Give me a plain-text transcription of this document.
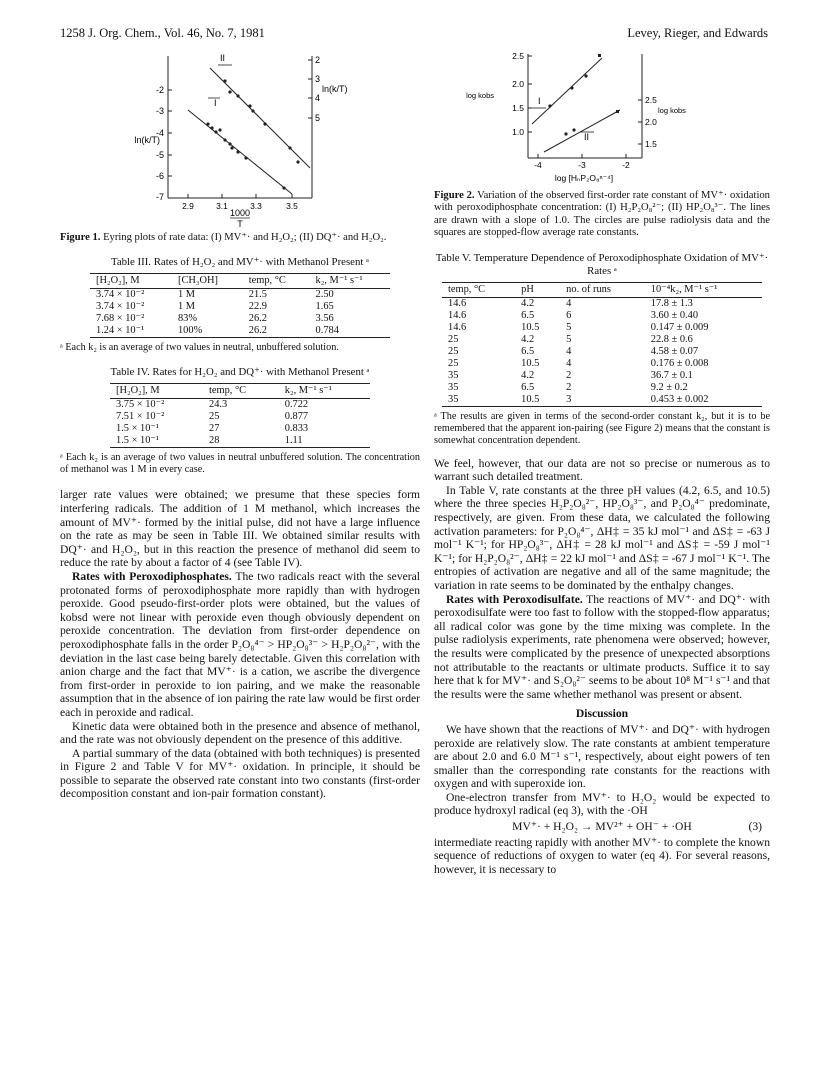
1258 J. Org. Chem., Vol. 46, No. 7, 1981	Levey, Rieger, and Edwards
-2
-3
-4
-5
-6
-7
2
3
4
5
2.9	3.1	3.3	3.5
1000
T
ln(k/T)
ln(k/T)
I
II
Figure 1. Eyring plots of rate data: (I) MV⁺· and H₂O₂; (II) DQ⁺· and H₂O₂.
Table III. Rates of H₂O₂ and MV⁺· with Methanol Present ᵃ
[H₂O₂], M	[CH₃OH]	temp, °C	k₂, M⁻¹ s⁻¹
3.74 × 10⁻²	1 M	21.5	2.50
3.74 × 10⁻²	1 M	22.9	1.65
7.68 × 10⁻²	83%	26.2	3.56
1.24 × 10⁻¹	100%	26.2	0.784
ᵃ Each k₂ is an average of two values in neutral, unbuffered solution.
Table IV. Rates for H₂O₂ and DQ⁺· with Methanol Present ᵃ
[H₂O₂], M	temp, °C	k₂, M⁻¹ s⁻¹
3.75 × 10⁻²	24.3	0.722
7.51 × 10⁻²	25	0.877
1.5 × 10⁻¹	27	0.833
1.5 × 10⁻¹	28	1.11
ᵃ Each k₂ is an average of two values in neutral unbuffered solution. The concentration of methanol was 1 M in every case.

larger rate values were obtained; we presume that these species form interfering radicals. The addition of 1 M methanol, which increases the amount of MV⁺· formed by the initial pulse, did not have a large influence on the rate as may be seen in Table III. We obtained similar results with DQ⁺· and H₂O₂, but in this reaction the presence of methanol did seem to reduce the rate by about a factor of 4 (see Table IV).

Rates with Peroxodiphosphates. The two radicals react with the several protonated forms of peroxodiphosphate more rapidly than with hydrogen peroxide. Good pseudo-first-order plots were obtained, but the values of kobsd were not linear with peroxide even though obviously dependent on peroxide concentration. The deviation from first-order dependence on peroxodiphosphate falls in the order P₂O₈⁴⁻ > HP₂O₈³⁻ > H₂P₂O₈²⁻, with the deviation in the last case being barely detectable. Given this correlation with anion charge and the fact that MV⁺· is a cation, we ascribe the divergence from first-order in peroxide to ion pairing, and we make the reasonable assumption that in the absence of ion pairing the rate law would be first order each in peroxide and radical.

Kinetic data were obtained both in the presence and absence of methanol, and the rate was not obviously dependent on the presence of this additive.

A partial summary of the data (obtained with both techniques) is presented in Figure 2 and Table V for MV⁺· oxidation. In principle, it should be possible to separate the observed rate constant into two constants (first-order decomposition constant and ion-pair formation constant).

2.5
2.0
1.5
1.0
2.5
2.0
1.5
-4	-3	-2
log [HₙP₂O₈ⁿ⁻⁴]
log kobs
log kobs
I
II
Figure 2. Variation of the observed first-order rate constant of MV⁺· oxidation with peroxodiphosphate concentration: (I) H₂P₂O₈²⁻; (II) HP₂O₈³⁻. The lines are drawn with a slope of 1.0. The circles are pulse radiolysis data and the squares are stopped-flow average rate constants.
Table V. Temperature Dependence of Peroxodiphosphate Oxidation of MV⁺· Rates ᵃ
temp, °C	pH	no. of runs	10⁻⁴k₂, M⁻¹ s⁻¹
14.6	4.2	4	17.8 ± 1.3
14.6	6.5	6	3.60 ± 0.40
14.6	10.5	5	0.147 ± 0.009
25	4.2	5	22.8 ± 0.6
25	6.5	4	4.58 ± 0.07
25	10.5	4	0.176 ± 0.008
35	4.2	2	36.7 ± 0.1
35	6.5	2	9.2 ± 0.2
35	10.5	3	0.453 ± 0.002
ᵃ The results are given in terms of the second-order constant k₂, but it is to be remembered that the apparent ion-pairing (see Figure 2) means that the constant is somewhat concentration dependent.

We feel, however, that our data are not so precise or numerous as to warrant such detailed treatment.

In Table V, rate constants at the three pH values (4.2, 6.5, and 10.5) where the three species H₂P₂O₈²⁻, HP₂O₈³⁻, and P₂O₈⁴⁻ predominate, respectively, are given. From these data, we calculated the following activation parameters: for P₂O₈⁴⁻, ΔH‡ = 35 kJ mol⁻¹ and ΔS‡ = -63 J mol⁻¹ K⁻¹; for HP₂O₈³⁻, ΔH‡ = 28 kJ mol⁻¹ and ΔS‡ = -59 J mol⁻¹ K⁻¹; for H₂P₂O₈²⁻, ΔH‡ = 22 kJ mol⁻¹ and ΔS‡ = -67 J mol⁻¹ K⁻¹. The entropies of activation are negative and all of the same magnitude; the variation in rate seems to be dominated by the enthalpy changes.

Rates with Peroxodisulfate. The reactions of MV⁺· and DQ⁺· with peroxodisulfate were too fast to follow with the stopped-flow apparatus; all radical color was gone by the time mixing was complete. In the pulse radiolysis experiments, rate phenomena were observed; however, the results were complicated by the presence of unexpected absorptions not attributable to the reactants or ultimate products. Suffice it to say here that k for MV⁺· and S₂O₈²⁻ seems to be about 10⁸ M⁻¹ s⁻¹ and that the results were the same whether methanol was present or absent.

Discussion

We have shown that the reactions of MV⁺· and DQ⁺· with hydrogen peroxide are relatively slow. The rate constants at ambient temperature are about 2.0 and 6.0 M⁻¹ s⁻¹, respectively, about eight powers of ten smaller than the corresponding rate constants for the reactions with oxygen and with superoxide ion.

One-electron transfer from MV⁺· to H₂O₂ would be expected to produce hydroxyl radical (eq 3), with the ·OH

MV⁺· + H₂O₂ → MV²⁺ + OH⁻ + ·OH	(3)

intermediate reacting rapidly with another MV⁺· to complete the known sequence of reductions of oxygen to water (eq 4). For several reasons, however, it is necessary to
